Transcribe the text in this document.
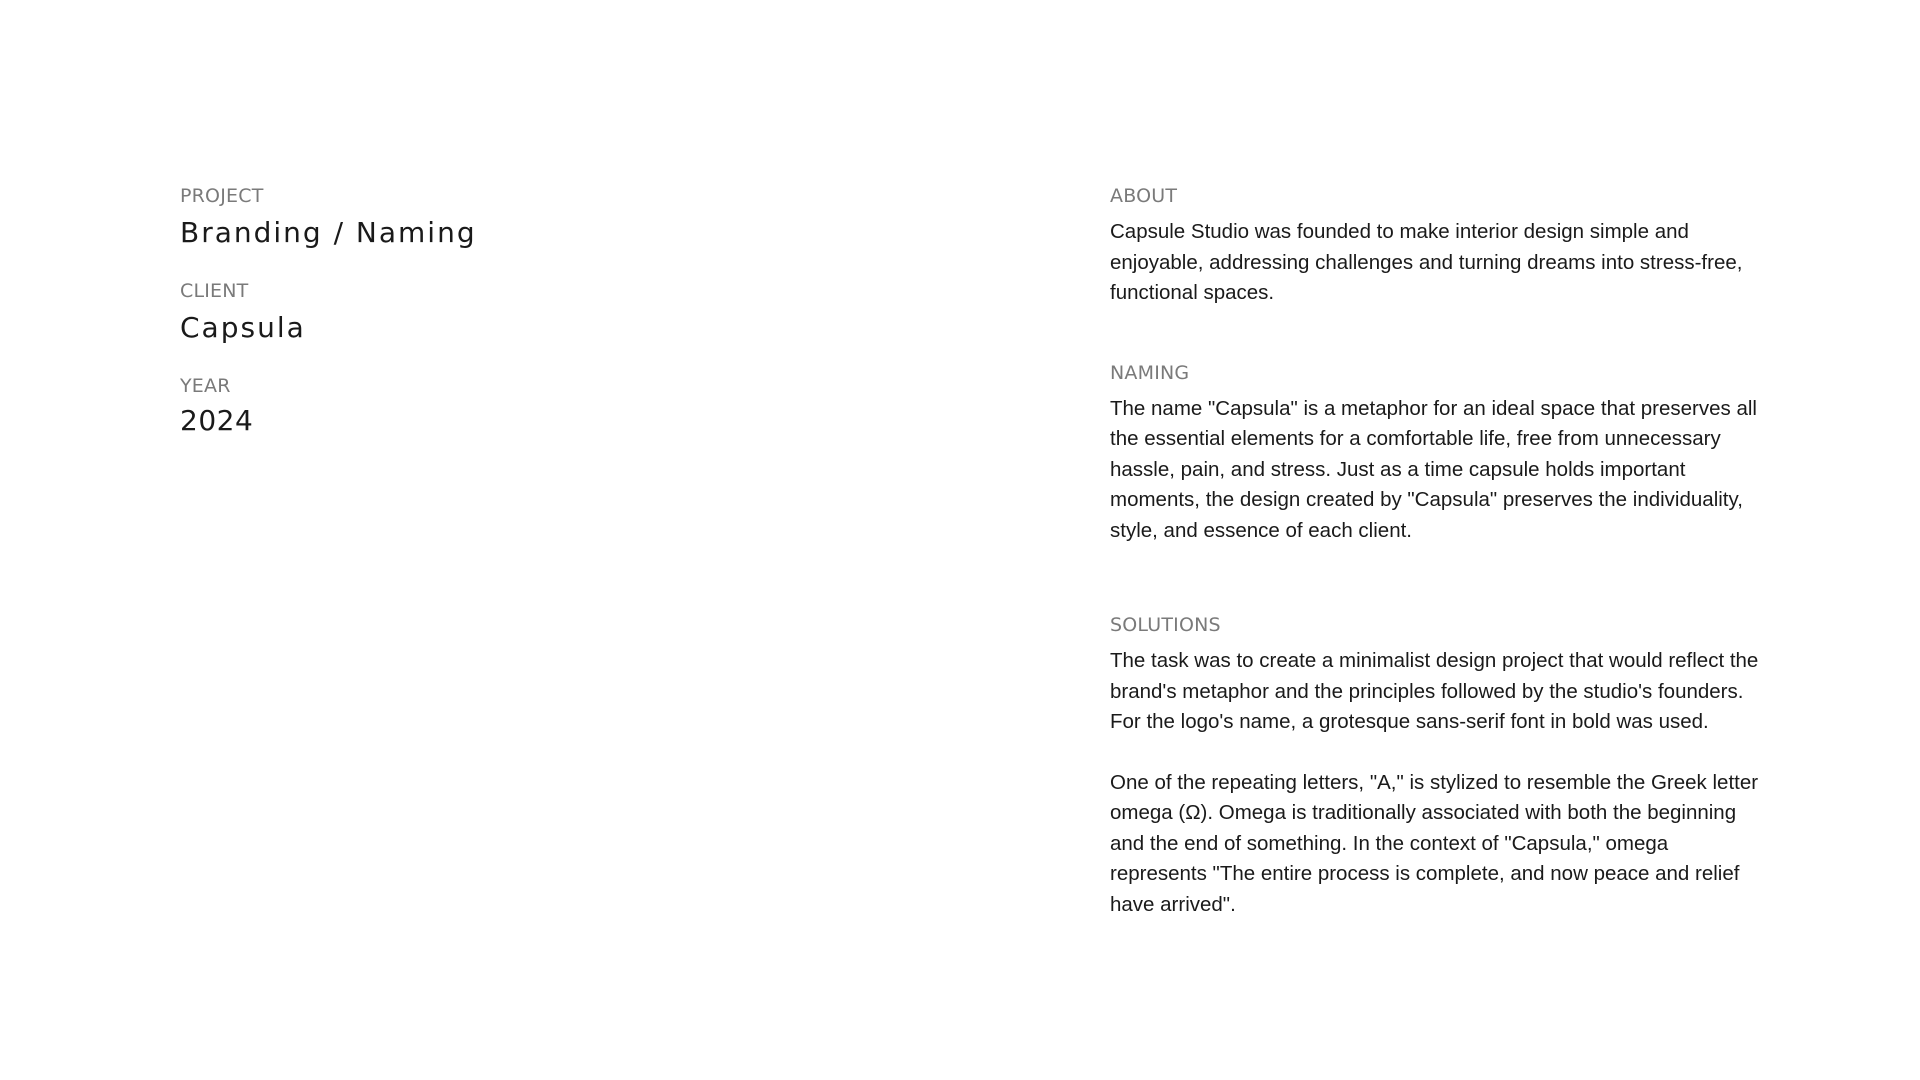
PROJECT
Branding / Naming
CLIENT
Capsula
YEAR
2024
ABOUT

Capsule Studio was founded to make interior design simple and enjoyable, addressing challenges and turning dreams into stress-free, functional spaces.

NAMING

The name "Capsula" is a metaphor for an ideal space that preserves all the essential elements for a comfortable life, free from unnecessary hassle, pain, and stress. Just as a time capsule holds important moments, the design created by "Capsula" preserves the individuality, style, and essence of each client.

SOLUTIONS

The task was to create a minimalist design project that would reflect the brand's metaphor and the principles followed by the studio's founders. For the logo's name, a grotesque sans-serif font in bold was used.

One of the repeating letters, "A," is stylized to resemble the Greek letter omega (Ω). Omega is traditionally associated with both the beginning and the end of something. In the context of "Capsula," omega represents "The entire process is complete, and now peace and relief have arrived".
